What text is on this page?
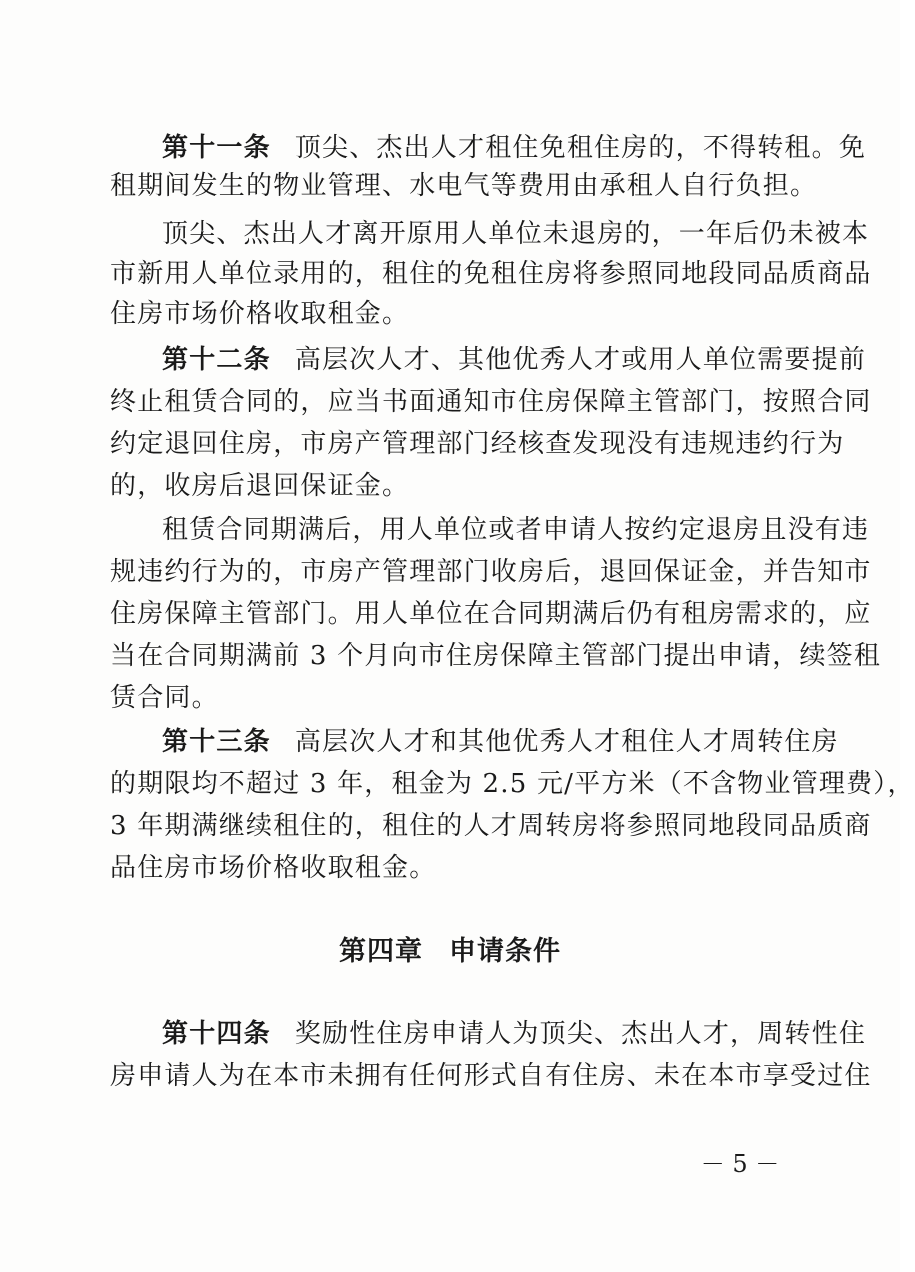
第十一条 顶尖、杰出人才租住免租住房的，不得转租。免
租期间发生的物业管理、水电气等费用由承租人自行负担。
顶尖、杰出人才离开原用人单位未退房的，一年后仍未被本
市新用人单位录用的，租住的免租住房将参照同地段同品质商品
住房市场价格收取租金。
第十二条 高层次人才、其他优秀人才或用人单位需要提前
终止租赁合同的，应当书面通知市住房保障主管部门，按照合同
约定退回住房，市房产管理部门经核查发现没有违规违约行为
的，收房后退回保证金。
租赁合同期满后，用人单位或者申请人按约定退房且没有违
规违约行为的，市房产管理部门收房后，退回保证金，并告知市
住房保障主管部门。用人单位在合同期满后仍有租房需求的，应
当在合同期满前 3 个月向市住房保障主管部门提出申请，续签租
赁合同。
第十三条 高层次人才和其他优秀人才租住人才周转住房
的期限均不超过 3 年，租金为 2.5 元/平方米（不含物业管理费），
3 年期满继续租住的，租住的人才周转房将参照同地段同品质商
品住房市场价格收取租金。
第四章 申请条件
第十四条 奖励性住房申请人为顶尖、杰出人才，周转性住
房申请人为在本市未拥有任何形式自有住房、未在本市享受过住
－ 5 －
